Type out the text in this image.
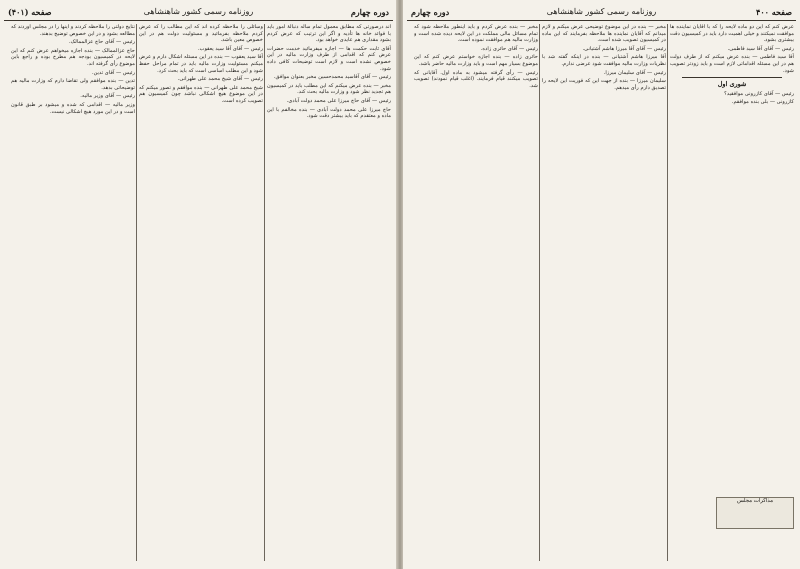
صفحه (۴۰۱)	روزنامه رسمی کشور شاهنشاهی	دوره چهارم

اند درصورتی که مطابق معمول تمام ساله دنبالهٔ امور باید با فوائد خانه ها تأدیه و اگر این ترتیب که عرض کردم بشود مقداری هم عایدی خواهد بود.

آقای ثابت حکمت ها — اجازه میفرمائید خدمت حضرات عرض کنم که اقدامی از طرف وزارت مالیه در این خصوص نشده است و لازم است توضیحات کافی داده شود.

رئیس — آقای آقاسید محمدحسین مخبر بعنوان موافق.

مخبر — بنده عرض میکنم که این مطلب باید در کمیسیون هم تجدید نظر شود و وزارت مالیه بحث کند.

رئیس — آقای حاج میرزا علی محمد دولت آبادی.

حاج میرزا علی محمد دولت آبادی — بنده مخالفم با این ماده و معتقدم که باید بیشتر دقت شود.

وسائلی را ملاحظه کرده اند که این مطالب را که عرض کردم ملاحظه بفرمائید و مسئولیت دولت هم در این خصوص معین باشد.

رئیس — آقای آقا سید یعقوب.

آقا سید یعقوب — بنده در این مسئله اشکال دارم و عرض میکنم مسئولیت وزارت مالیه باید در تمام مراحل حفظ شود و این مطلب اساسی است که باید بحث کرد.

رئیس — آقای شیخ محمد علی طهرانی.

شیخ محمد علی طهرانی — بنده موافقم و تصور میکنم که در این موضوع هیچ اشکالی نباشد چون کمیسیون هم تصویب کرده است.

نتایج دولتی را ملاحظه کردند و اینها را در مجلس آوردند که مطالعه بشود و در این خصوص توضیح بدهند.

رئیس — آقای حاج عزالممالک.

حاج عزالممالک — بنده اجازه میخواهم عرض کنم که این لایحه در کمیسیون بودجه هم مطرح بوده و راجع باین موضوع رأی گرفته اند.

رئیس — آقای تدین.

تدین — بنده موافقم ولی تقاضا دارم که وزارت مالیه هم توضیحاتی بدهد.

رئیس — آقای وزیر مالیه.

وزیر مالیه — اقدامی که شده و میشود بر طبق قانون است و در این مورد هیچ اشکالی نیست.

دوره چهارم	روزنامه رسمی کشور شاهنشاهی	صفحه ۴۰۰

عرض کنم که این دو ماده لایحه را که با آقایان نماینده ها موافقت نمیکنند و خیلی اهمیت دارد باید در کمیسیون دقت بیشتری بشود.

رئیس — آقای آقا سید فاطمی.

آقا سید فاطمی — بنده عرض میکنم که از طرف دولت هم در این مسئله اقداماتی لازم است و باید زودتر تصویب شود.

شوری اول

رئیس — آقای کازرونی موافقید؟

کازرونی — بلی بنده موافقم.

مخبر — بنده در این موضوع توضیحی عرض میکنم و لازم میدانم که آقایان نماینده ها ملاحظه بفرمایند که این ماده در کمیسیون تصویب شده است.

رئیس — آقای آقا میرزا هاشم آشتیانی.

آقا میرزا هاشم آشتیانی — بنده در اینکه گفته شد با نظریات وزارت مالیه موافقت شود عرضی ندارم.

رئیس — آقای سلیمان میرزا.

سلیمان میرزا — بنده از جهت این که فوریت این لایحه را تصدیق دارم رأی میدهم.

مخبر — بنده عرض کردم و باید اینطور ملاحظه شود که تمام مسائل مالی مملکت در این لایحه دیده شده است و وزارت مالیه هم موافقت نموده است.

رئیس — آقای حائری زاده.

حائری زاده — بنده اجازه خواستم عرض کنم که این موضوع بسیار مهم است و باید وزارت مالیه حاضر باشد.

رئیس — رأی گرفته میشود به ماده اول. آقایانی که تصویب میکنند قیام فرمایند. (اغلب قیام نمودند) تصویب شد.

مذاکرات مجلس
